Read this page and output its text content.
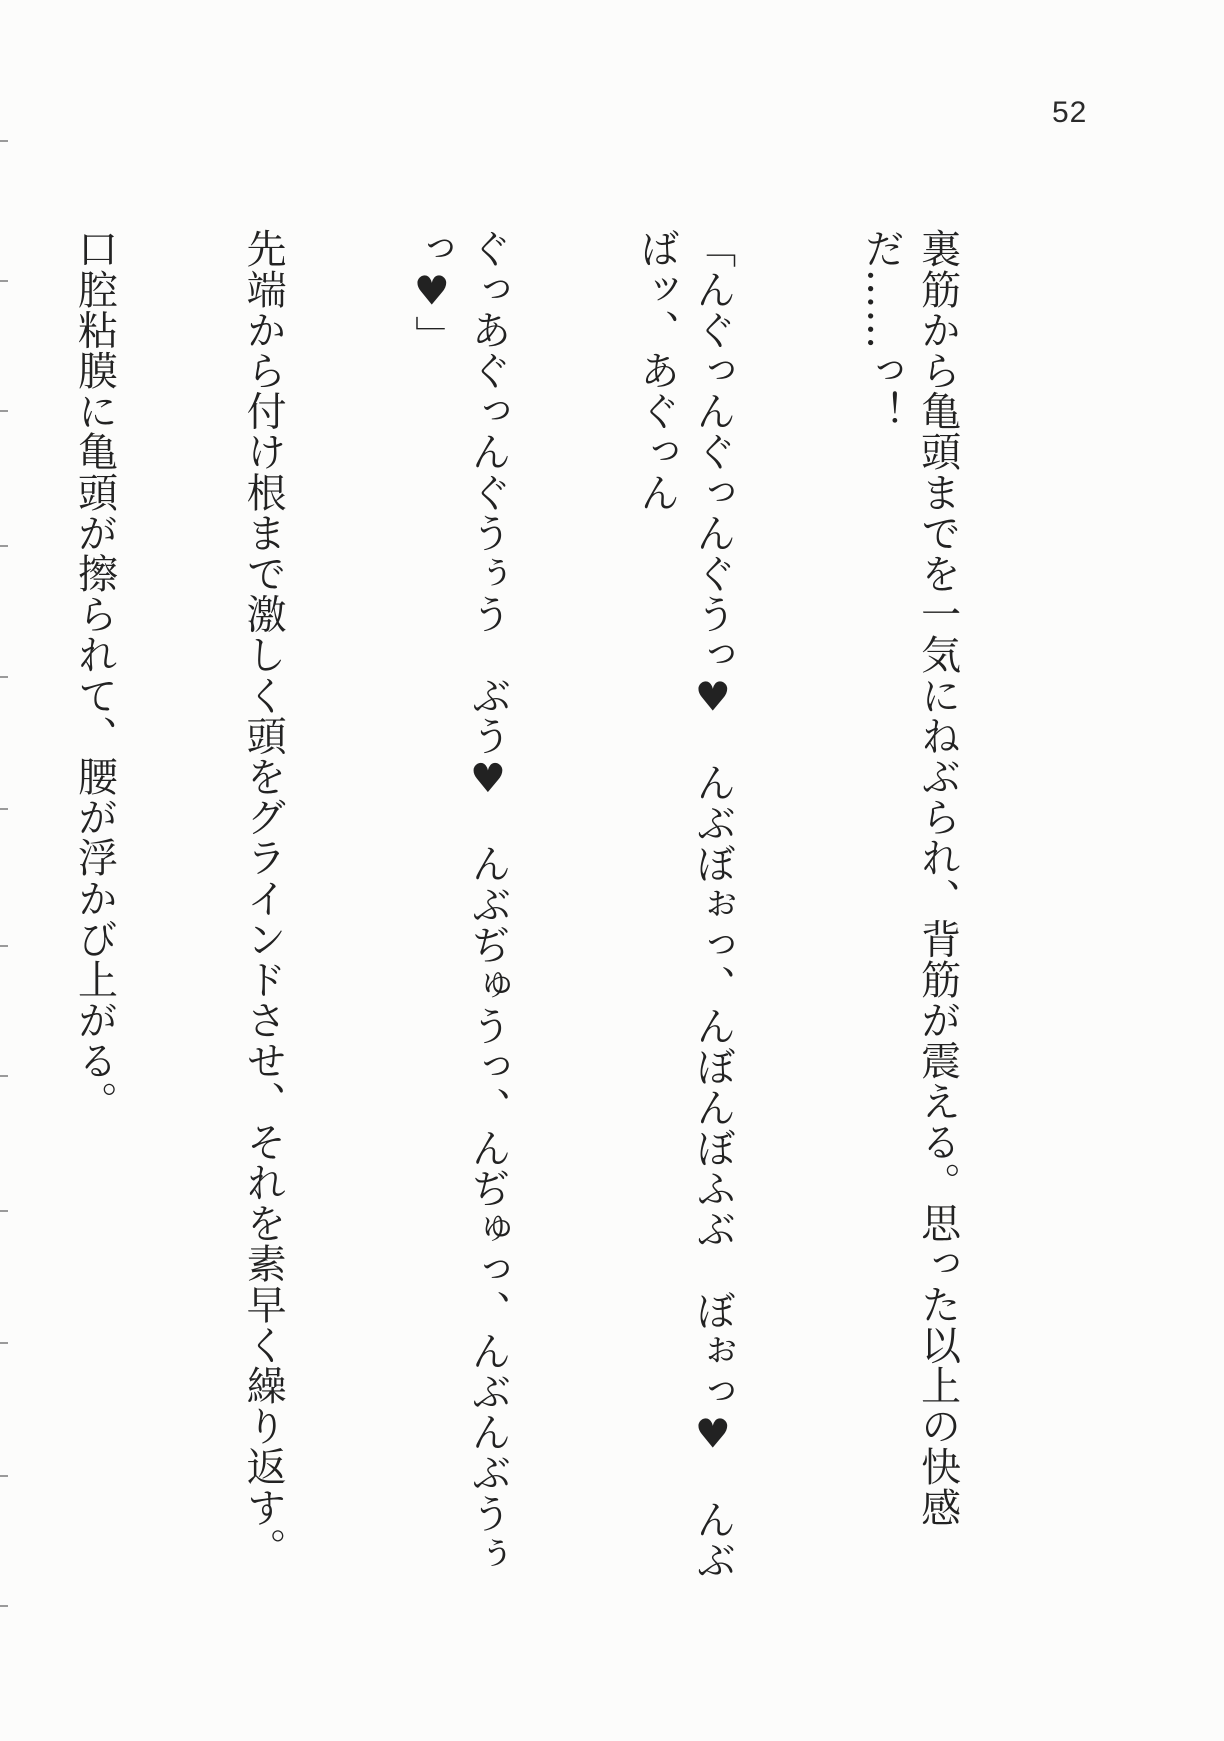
52

裏筋から亀頭までを一気にねぶられ、背筋が震える。思った以上の快感だ……っ！

「んぐっんぐっんぐうっ♥　んぶぼぉっ、んぼんぼふぶ　ぼぉっ♥　んぶばッ、あぐっん

ぐっあぐっんぐうぅう　ぶう♥　んぶぢゅうっ、んぢゅっ、んぶんぶうぅっ♥」

先端から付け根まで激しく頭をグラインドさせ、それを素早く繰り返す。

口腔粘膜に亀頭が擦られて、腰が浮かび上がる。
